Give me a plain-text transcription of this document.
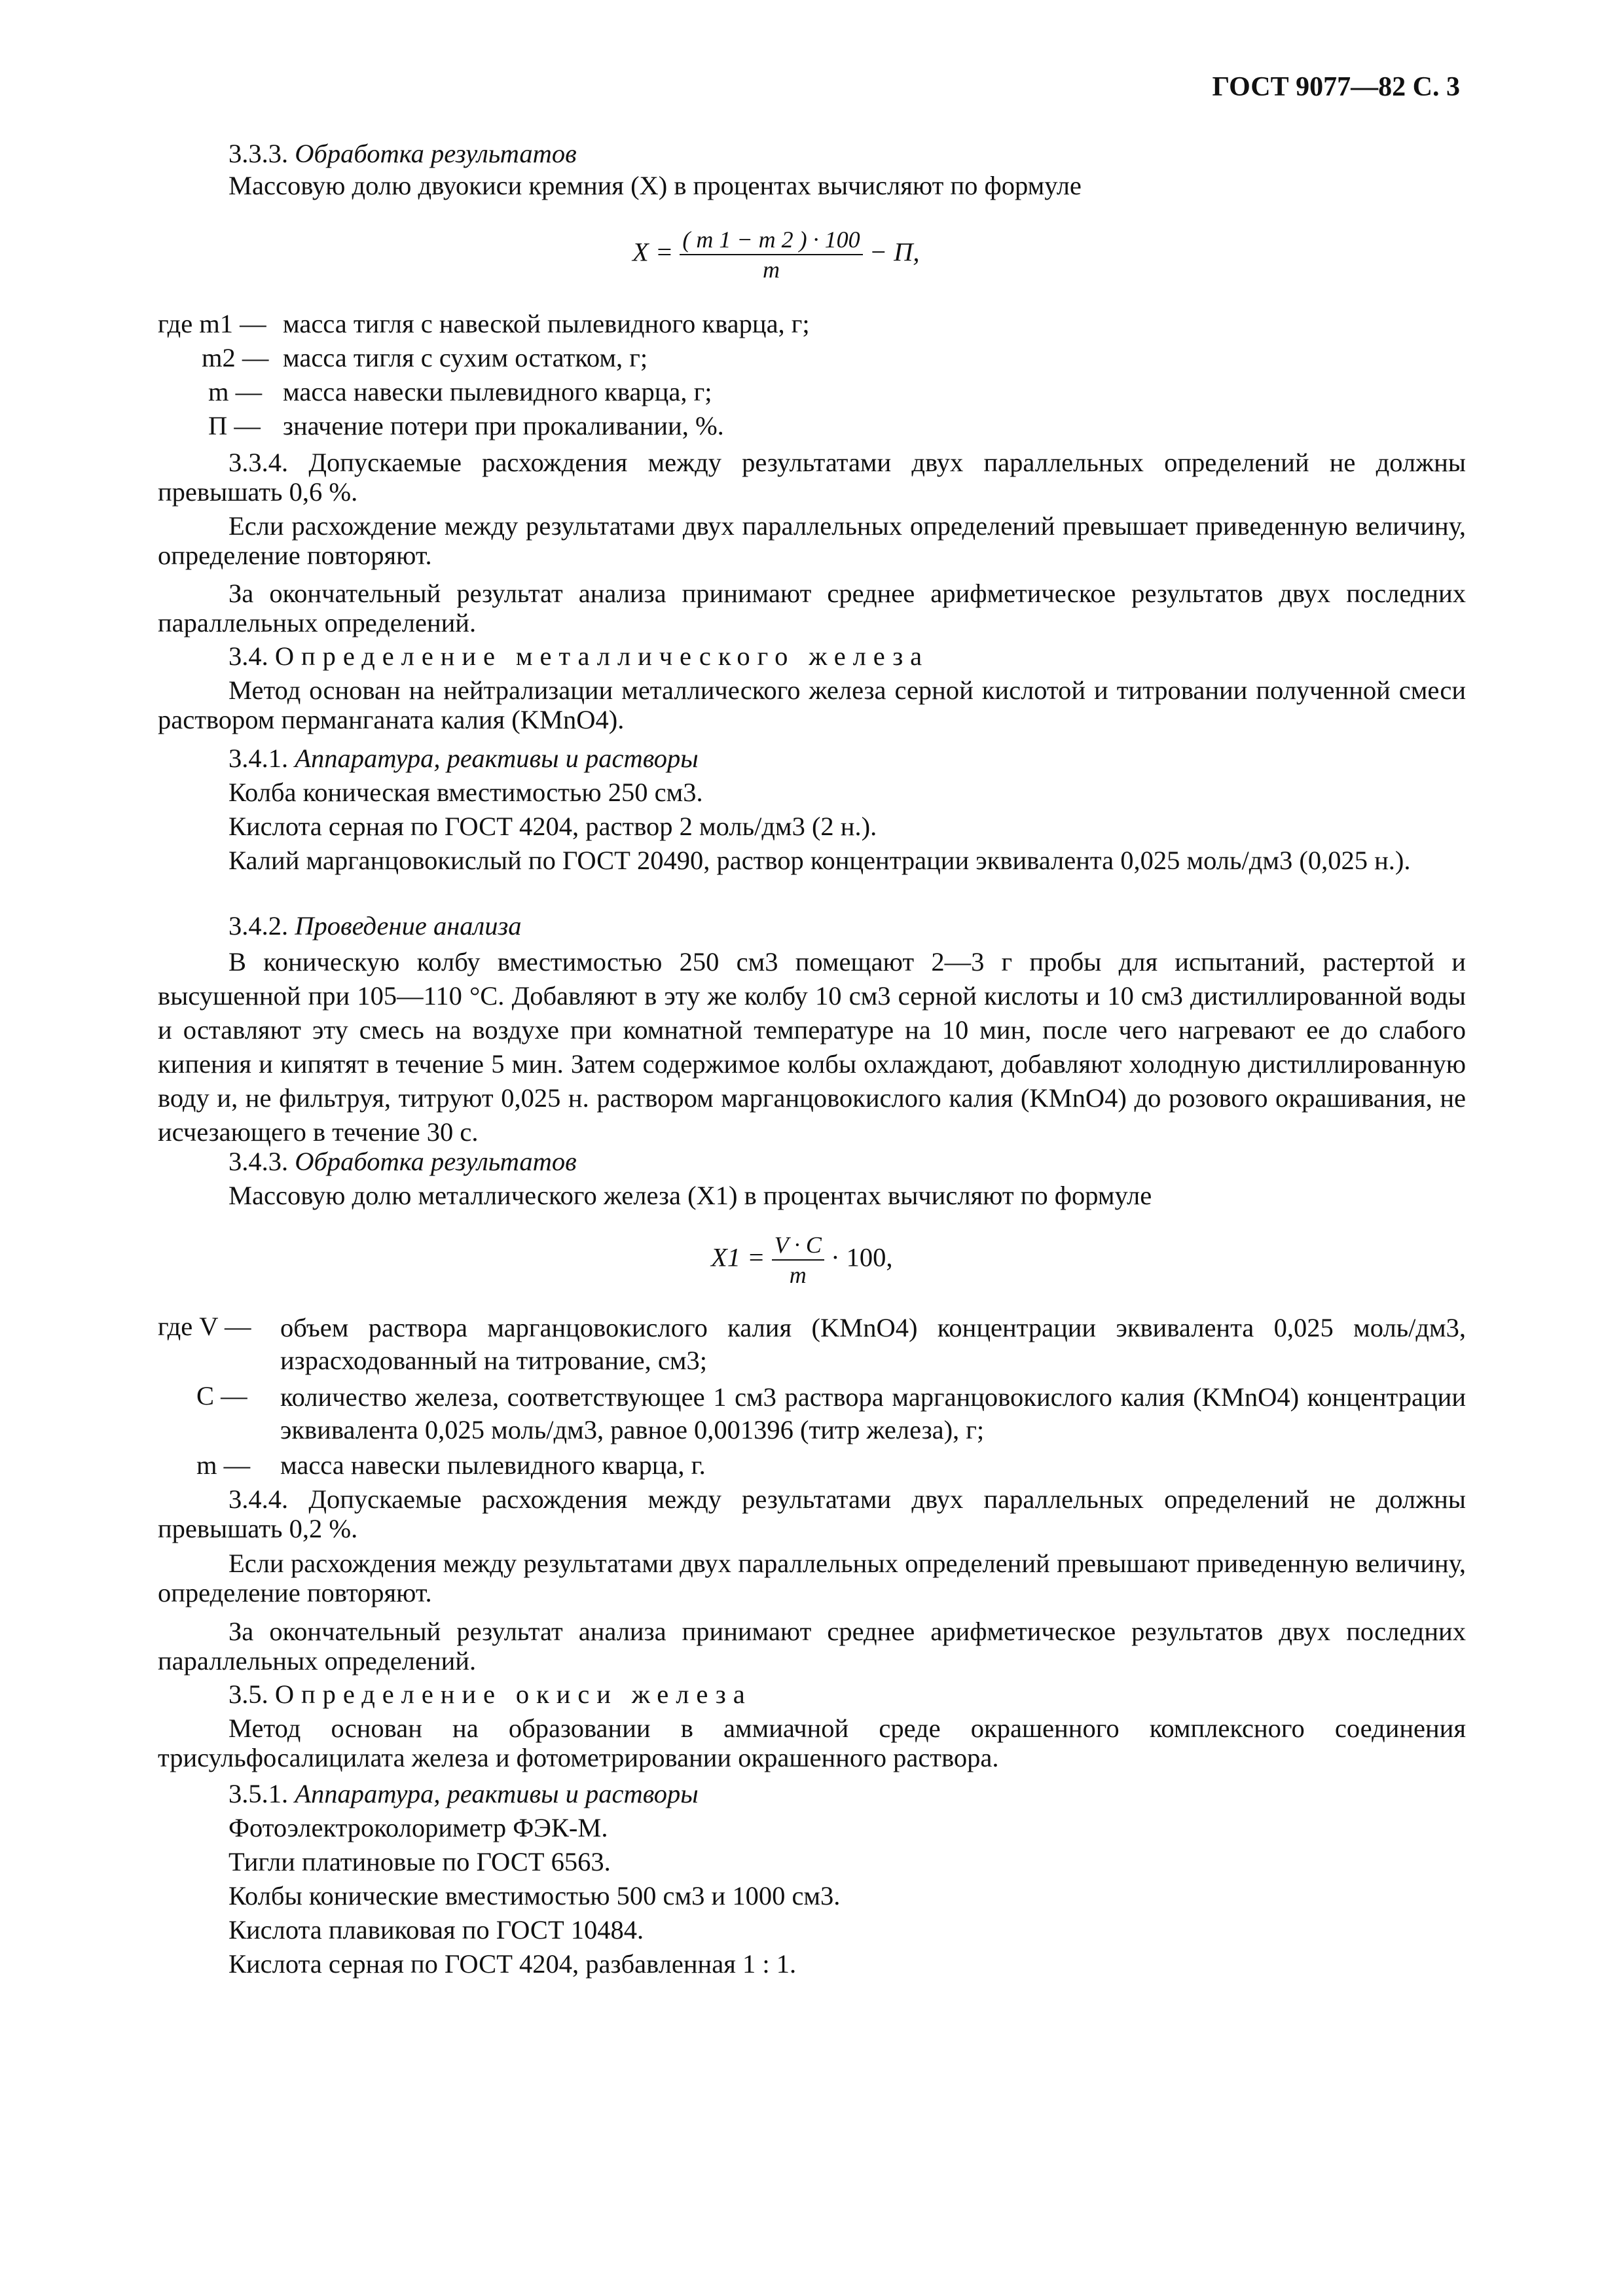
ГОСТ 9077—82 С. 3
3.3.3. Обработка результатов
Массовую долю двуокиси кремния (X) в процентах вычисляют по формуле
$X = \frac{( m 1 - m 2 ) \cdot 100}{m} - П$,
где m1 — масса тигля с навеской пылевидного кварца, г;
m2 — масса тигля с сухим остатком, г;
m — масса навески пылевидного кварца, г;
П — значение потери при прокаливании, %.
3.3.4. Допускаемые расхождения между результатами двух параллельных определений не должны превышать 0,6 %.
Если расхождение между результатами двух параллельных определений превышает приведенную величину, определение повторяют.
За окончательный результат анализа принимают среднее арифметическое результатов двух последних параллельных определений.
3.4. Определение металлического железа
Метод основан на нейтрализации металлического железа серной кислотой и титровании полученной смеси раствором перманганата калия (KMnO4).
3.4.1. Аппаратура, реактивы и растворы
Колба коническая вместимостью 250 см3.
Кислота серная по ГОСТ 4204, раствор 2 моль/дм3 (2 н.).
Калий марганцовокислый по ГОСТ 20490, раствор концентрации эквивалента 0,025 моль/дм3 (0,025 н.).
3.4.2. Проведение анализа
В коническую колбу вместимостью 250 см3 помещают 2—3 г пробы для испытаний, растертой и высушенной при 105—110 °С. Добавляют в эту же колбу 10 см3 серной кислоты и 10 см3 дистиллированной воды и оставляют эту смесь на воздухе при комнатной температуре на 10 мин, после чего нагревают ее до слабого кипения и кипятят в течение 5 мин. Затем содержимое колбы охлаждают, добавляют холодную дистиллированную воду и, не фильтруя, титруют 0,025 н. раствором марганцовокислого калия (KMnO4) до розового окрашивания, не исчезающего в течение 30 с.
3.4.3. Обработка результатов
Массовую долю металлического железа (X1) в процентах вычисляют по формуле
$X1 = \frac{V \cdot C}{m} \cdot 100$,
где V — объем раствора марганцовокислого калия (KMnO4) концентрации эквивалента 0,025 моль/дм3, израсходованный на титрование, см3;
C — количество железа, соответствующее 1 см3 раствора марганцовокислого калия (KMnO4) концентрации эквивалента 0,025 моль/дм3, равное 0,001396 (титр железа), г;
m — масса навески пылевидного кварца, г.
3.4.4. Допускаемые расхождения между результатами двух параллельных определений не должны превышать 0,2 %.
Если расхождения между результатами двух параллельных определений превышают приведенную величину, определение повторяют.
За окончательный результат анализа принимают среднее арифметическое результатов двух последних параллельных определений.
3.5. Определение окиси железа
Метод основан на образовании в аммиачной среде окрашенного комплексного соединения трисульфосалицилата железа и фотометрировании окрашенного раствора.
3.5.1. Аппаратура, реактивы и растворы
Фотоэлектроколориметр ФЭК-М.
Тигли платиновые по ГОСТ 6563.
Колбы конические вместимостью 500 см3 и 1000 см3.
Кислота плавиковая по ГОСТ 10484.
Кислота серная по ГОСТ 4204, разбавленная 1 : 1.
